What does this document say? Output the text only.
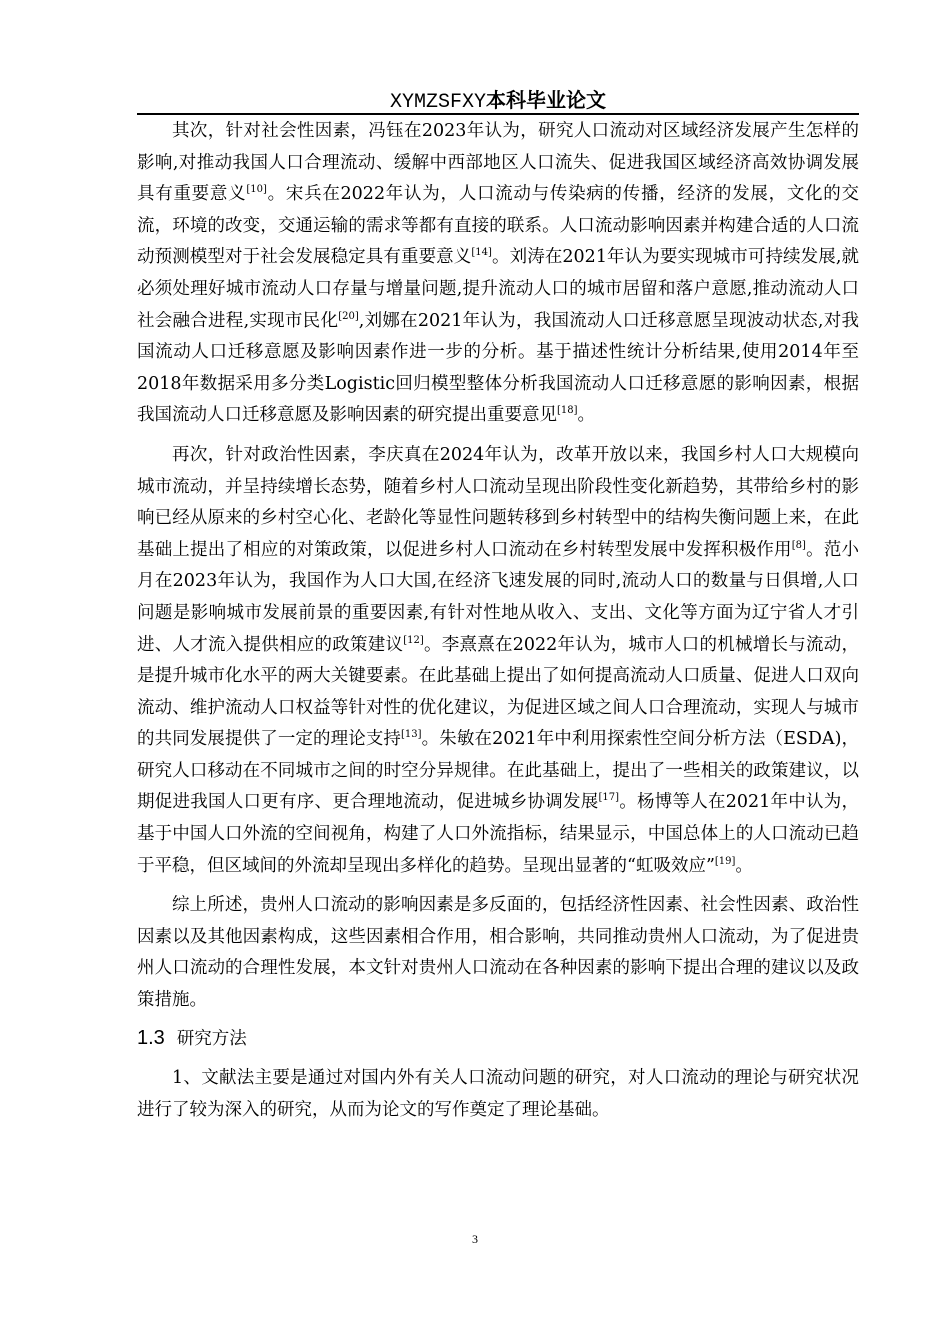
XYMZSFXY本科毕业论文

其次，针对社会性因素，冯钰在2023年认为，研究人口流动对区域经济发展产生怎样的影响,对推动我国人口合理流动、缓解中西部地区人口流失、促进我国区域经济高效协调发展具有重要意义[10]。宋兵在2022年认为，人口流动与传染病的传播，经济的发展，文化的交流，环境的改变，交通运输的需求等都有直接的联系。人口流动影响因素并构建合适的人口流动预测模型对于社会发展稳定具有重要意义[14]。刘涛在2021年认为要实现城市可持续发展,就必须处理好城市流动人口存量与增量问题,提升流动人口的城市居留和落户意愿,推动流动人口社会融合进程,实现市民化[20],刘娜在2021年认为，我国流动人口迁移意愿呈现波动状态,对我国流动人口迁移意愿及影响因素作进一步的分析。基于描述性统计分析结果,使用2014年至2018年数据采用多分类Logistic回归模型整体分析我国流动人口迁移意愿的影响因素，根据我国流动人口迁移意愿及影响因素的研究提出重要意见[18]。

再次，针对政治性因素，李庆真在2024年认为，改革开放以来，我国乡村人口大规模向城市流动，并呈持续增长态势，随着乡村人口流动呈现出阶段性变化新趋势，其带给乡村的影响已经从原来的乡村空心化、老龄化等显性问题转移到乡村转型中的结构失衡问题上来，在此基础上提出了相应的对策政策，以促进乡村人口流动在乡村转型发展中发挥积极作用[8]。范小月在2023年认为，我国作为人口大国,在经济飞速发展的同时,流动人口的数量与日俱增,人口问题是影响城市发展前景的重要因素,有针对性地从收入、支出、文化等方面为辽宁省人才引进、人才流入提供相应的政策建议[12]。李熹熹在2022年认为，城市人口的机械增长与流动，是提升城市化水平的两大关键要素。在此基础上提出了如何提高流动人口质量、促进人口双向流动、维护流动人口权益等针对性的优化建议，为促进区域之间人口合理流动，实现人与城市的共同发展提供了一定的理论支持[13]。朱敏在2021年中利用探索性空间分析方法（ESDA)，研究人口移动在不同城市之间的时空分异规律。在此基础上，提出了一些相关的政策建议，以期促进我国人口更有序、更合理地流动，促进城乡协调发展[17]。杨博等人在2021年中认为，基于中国人口外流的空间视角，构建了人口外流指标，结果显示，中国总体上的人口流动已趋于平稳，但区域间的外流却呈现出多样化的趋势。呈现出显著的“虹吸效应”[19]。

综上所述，贵州人口流动的影响因素是多反面的，包括经济性因素、社会性因素、政治性因素以及其他因素构成，这些因素相合作用，相合影响，共同推动贵州人口流动，为了促进贵州人口流动的合理性发展，本文针对贵州人口流动在各种因素的影响下提出合理的建议以及政策措施。

1.3 研究方法

1、文献法主要是通过对国内外有关人口流动问题的研究，对人口流动的理论与研究状况进行了较为深入的研究，从而为论文的写作奠定了理论基础。

3
